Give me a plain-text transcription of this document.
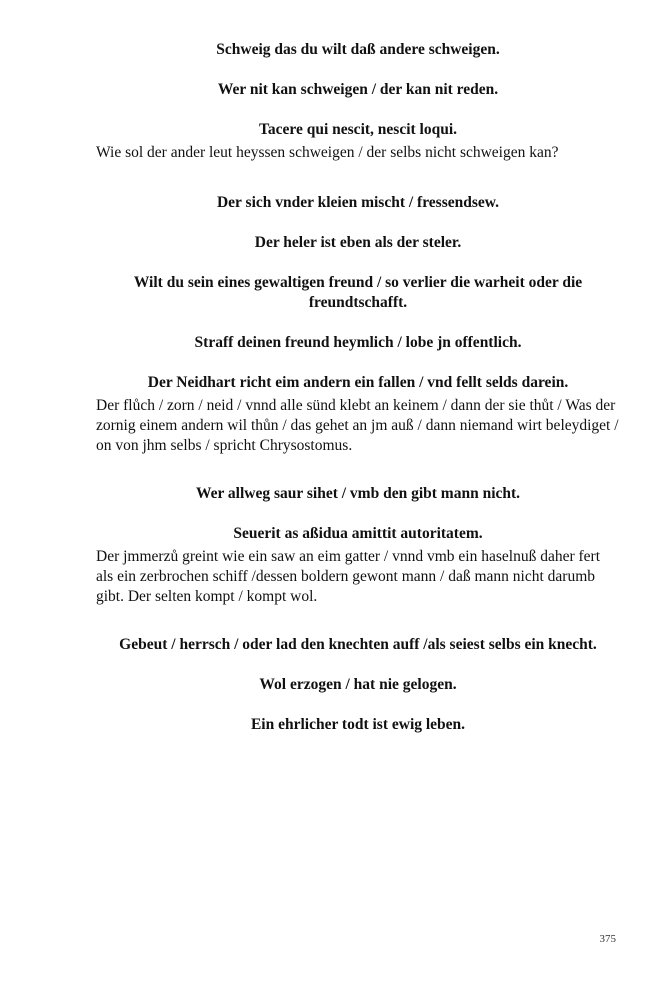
Schweig das du wilt daß andere schweigen.

Wer nit kan schweigen / der kan nit reden.

Tacere qui nescit, nescit loqui.

Wie sol der ander leut heyssen schweigen / der selbs nicht schweigen kan?

Der sich vnder kleien mischt / fressendsew.

Der heler ist eben als der steler.

Wilt du sein eines gewaltigen freund / so verlier die warheit oder die freundtschafft.

Straff deinen freund heymlich / lobe jn offentlich.

Der Neidhart richt eim andern ein fallen / vnd fellt selds darein.

Der flůch / zorn / neid / vnnd alle sünd klebt an keinem / dann der sie thůt / Was der zornig einem andern wil thůn / das gehet an jm auß / dann niemand wirt beleydiget / on von jhm selbs / spricht Chrysostomus.

Wer allweg saur sihet / vmb den gibt mann nicht.

Seuerit as aßidua amittit autoritatem.

Der jmmerzů greint wie ein saw an eim gatter / vnnd vmb ein haselnuß daher fert als ein zerbrochen schiff /dessen boldern gewont mann / daß mann nicht darumb gibt. Der selten kompt / kompt wol.

Gebeut / herrsch / oder lad den knechten auff /als seiest selbs ein knecht.

Wol erzogen / hat nie gelogen.

Ein ehrlicher todt ist ewig leben.

375
